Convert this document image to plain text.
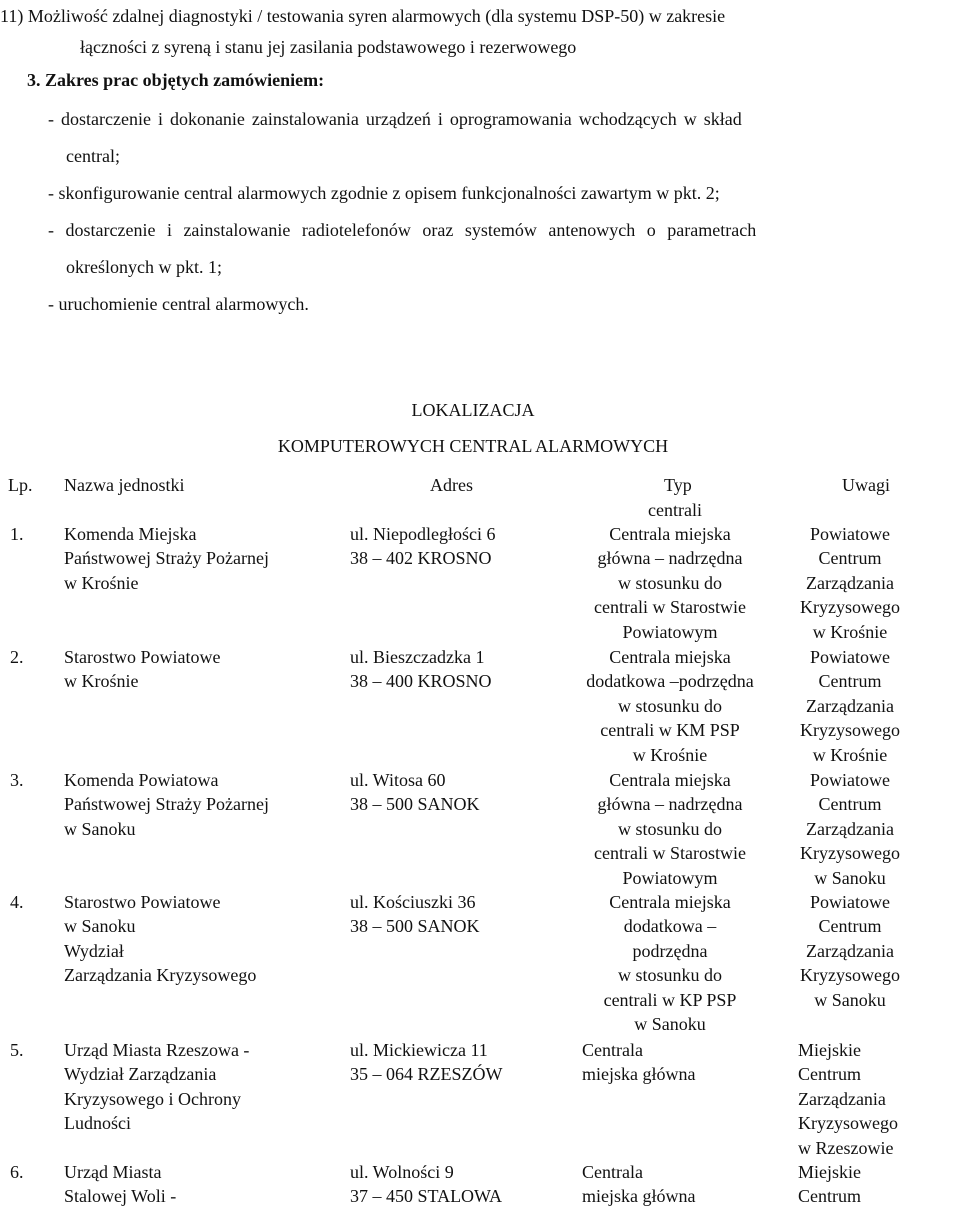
11) Możliwość zdalnej diagnostyki / testowania syren alarmowych (dla systemu DSP-50) w zakresie
łączności z syreną i stanu jej zasilania podstawowego i rezerwowego
3. Zakres prac objętych zamówieniem:
- dostarczenie i dokonanie zainstalowania urządzeń i oprogramowania wchodzących w skład
central;
- skonfigurowanie central alarmowych zgodnie z opisem funkcjonalności zawartym w pkt. 2;
- dostarczenie i zainstalowanie radiotelefonów oraz systemów antenowych o parametrach
określonych w pkt. 1;
- uruchomienie central alarmowych.
LOKALIZACJA
KOMPUTEROWYCH CENTRAL ALARMOWYCH
Lp. Nazwa jednostki	Adres	Typ
centrali
Uwagi
1. Komenda Miejska
Państwowej Straży Pożarnej
w Krośnie
ul. Niepodległości 6
38 – 402 KROSNO
Centrala miejska
główna – nadrzędna
w stosunku do
centrali w Starostwie
Powiatowym
Powiatowe
Centrum
Zarządzania
Kryzysowego
w Krośnie
2. Starostwo Powiatowe
w Krośnie
ul. Bieszczadzka 1
38 – 400 KROSNO
Centrala miejska
dodatkowa –podrzędna
w stosunku do
centrali w KM PSP
w Krośnie
Powiatowe
Centrum
Zarządzania
Kryzysowego
w Krośnie
3. Komenda Powiatowa
Państwowej Straży Pożarnej
w Sanoku
ul. Witosa 60
38 – 500 SANOK
Centrala miejska
główna – nadrzędna
w stosunku do
centrali w Starostwie
Powiatowym
Powiatowe
Centrum
Zarządzania
Kryzysowego
w Sanoku
4. Starostwo Powiatowe
w Sanoku
Wydział
Zarządzania Kryzysowego
ul. Kościuszki 36
38 – 500 SANOK
Centrala miejska
dodatkowa –
podrzędna
w stosunku do
centrali w KP PSP
w Sanoku
Powiatowe
Centrum
Zarządzania
Kryzysowego
w Sanoku
5. Urząd Miasta Rzeszowa -
Wydział Zarządzania
Kryzysowego i Ochrony
Ludności
ul. Mickiewicza 11
35 – 064 RZESZÓW
Centrala
miejska główna
Miejskie
Centrum
Zarządzania
Kryzysowego
w Rzeszowie
6. Urząd Miasta
Stalowej Woli -
ul. Wolności 9
37 – 450 STALOWA
Centrala
miejska główna
Miejskie
Centrum
